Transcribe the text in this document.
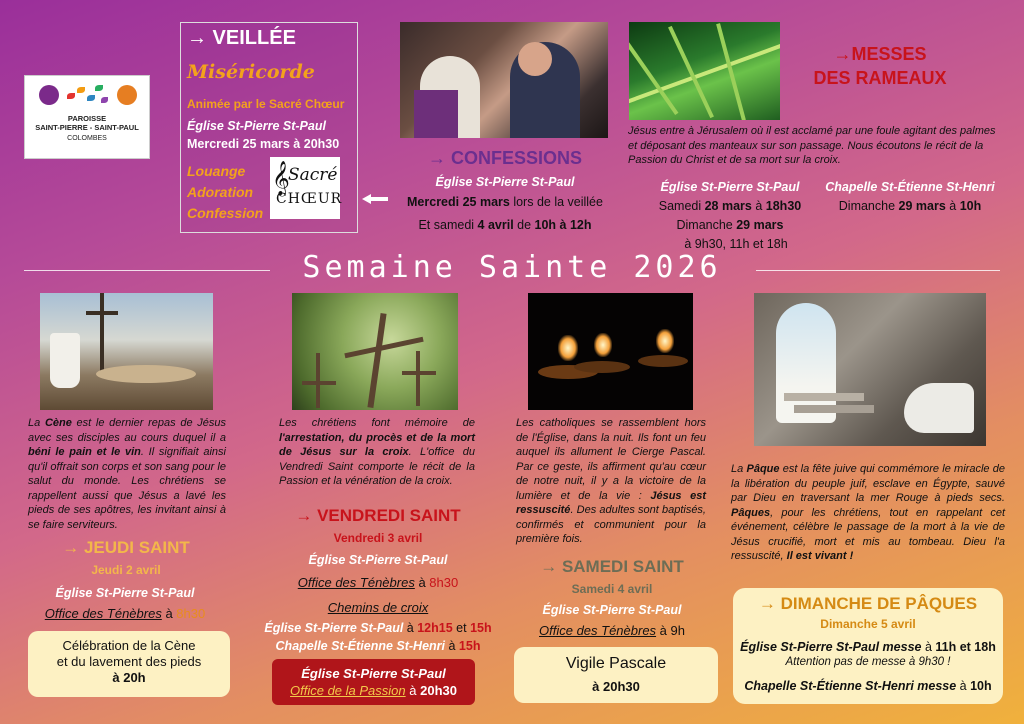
PAROISSE
SAINT-PIERRE - SAINT-PAUL
COLOMBES
→ VEILLÉE
Miséricorde
Animée par le Sacré Chœur
Église St-Pierre St-Paul
Mercredi 25 mars à 20h30
Louange
Adoration
Confession
𝄞
Sacré
CHŒUR
→ CONFESSIONS
Église St-Pierre St-Paul
Mercredi 25 mars lors de la veillée
Et samedi 4 avril de 10h à 12h
→MESSES
DES RAMEAUX
Jésus entre à Jérusalem où il est acclamé par une foule agitant des palmes et déposant des manteaux sur son passage. Nous écoutons le récit de la Passion du Christ et de sa mort sur la croix.
Église St-Pierre St-Paul
Samedi 28 mars à 18h30
Dimanche 29 mars
à 9h30, 11h et 18h
Chapelle St-Étienne St-Henri
Dimanche 29 mars à 10h
Semaine Sainte 2026
La Cène est le dernier repas de Jésus avec ses disciples au cours duquel il a béni le pain et le vin. Il signifiait ainsi qu'il offrait son corps et son sang pour le salut du monde. Les chrétiens se rappellent aussi que Jésus a lavé les pieds de ses apôtres, les invitant ainsi à se faire serviteurs.
→ JEUDI SAINT
Jeudi 2 avril
Église St-Pierre St-Paul
Office des Ténèbres à 8h30
Célébration de la Cène
et du lavement des pieds
à 20h
Les chrétiens font mémoire de l'arrestation, du procès et de la mort de Jésus sur la croix. L'office du Vendredi Saint comporte le récit de la Passion et la vénération de la croix.
→ VENDREDI SAINT
Vendredi 3 avril
Église St-Pierre St-Paul
Office des Ténèbres à 8h30
Chemins de croix
Église St-Pierre St-Paul à 12h15 et 15h
Chapelle St-Étienne St-Henri à 15h
Église St-Pierre St-Paul
Office de la Passion à 20h30
Les catholiques se rassemblent hors de l'Église, dans la nuit. Ils font un feu auquel ils allument le Cierge Pascal. Par ce geste, ils affirment qu'au cœur de notre nuit, il y a la victoire de la lumière et de la vie : Jésus est ressuscité. Des adultes sont baptisés, confirmés et communient pour la première fois.
→ SAMEDI SAINT
Samedi 4 avril
Église St-Pierre St-Paul
Office des Ténèbres à 9h
Vigile Pascale
à 20h30
La Pâque est la fête juive qui commémore le miracle de la libération du peuple juif, esclave en Égypte, sauvé par Dieu en traversant la mer Rouge à pieds secs. Pâques, pour les chrétiens, tout en rappelant cet événement, célèbre le passage de la mort à la vie de Jésus crucifié, mort et mis au tombeau. Dieu l'a ressuscité, Il est vivant !
→ DIMANCHE DE PÂQUES
Dimanche 5 avril
Église St-Pierre St-Paul messe à 11h et 18h
Attention pas de messe à 9h30 !
Chapelle St-Étienne St-Henri messe à 10h
